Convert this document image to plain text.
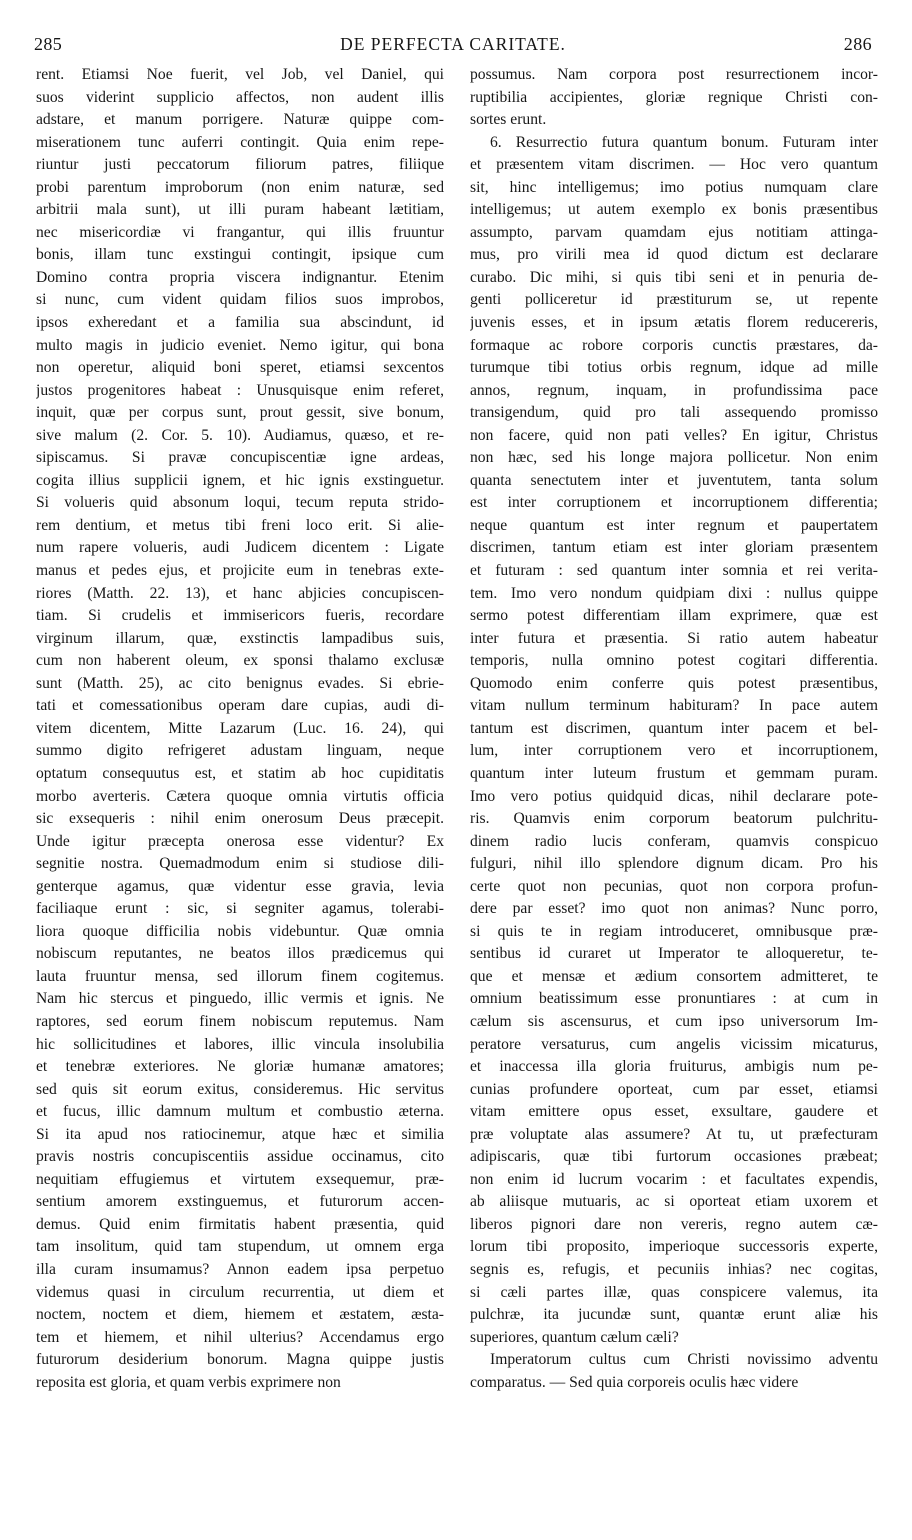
285	DE PERFECTA CARITATE.	286
rent. Etiamsi Noe fuerit, vel Job, vel Daniel, qui
suos viderint supplicio affectos, non audent illis
adstare, et manum porrigere. Naturæ quippe com-
miserationem tunc auferri contingit. Quia enim repe-
riuntur justi peccatorum filiorum patres, filiique
probi parentum improborum (non enim naturæ, sed
arbitrii mala sunt), ut illi puram habeant lætitiam,
nec misericordiæ vi frangantur, qui illis fruuntur
bonis, illam tunc exstingui contingit, ipsique cum
Domino contra propria viscera indignantur. Etenim
si nunc, cum vident quidam filios suos improbos,
ipsos exheredant et a familia sua abscindunt, id
multo magis in judicio eveniet. Nemo igitur, qui bona
non operetur, aliquid boni speret, etiamsi sexcentos
justos progenitores habeat : Unusquisque enim referet,
inquit, quæ per corpus sunt, prout gessit, sive bonum,
sive malum (2. Cor. 5. 10). Audiamus, quæso, et re-
sipiscamus. Si pravæ concupiscentiæ igne ardeas,
cogita illius supplicii ignem, et hic ignis exstinguetur.
Si volueris quid absonum loqui, tecum reputa strido-
rem dentium, et metus tibi freni loco erit. Si alie-
num rapere volueris, audi Judicem dicentem : Ligate
manus et pedes ejus, et projicite eum in tenebras exte-
riores (Matth. 22. 13), et hanc abjicies concupiscen-
tiam. Si crudelis et immisericors fueris, recordare
virginum illarum, quæ, exstinctis lampadibus suis,
cum non haberent oleum, ex sponsi thalamo exclusæ
sunt (Matth. 25), ac cito benignus evades. Si ebrie-
tati et comessationibus operam dare cupias, audi di-
vitem dicentem, Mitte Lazarum (Luc. 16. 24), qui
summo digito refrigeret adustam linguam, neque
optatum consequutus est, et statim ab hoc cupiditatis
morbo averteris. Cætera quoque omnia virtutis officia
sic exsequeris : nihil enim onerosum Deus præcepit.
Unde igitur præcepta onerosa esse videntur? Ex
segnitie nostra. Quemadmodum enim si studiose dili-
genterque agamus, quæ videntur esse gravia, levia
faciliaque erunt : sic, si segniter agamus, tolerabi-
liora quoque difficilia nobis videbuntur. Quæ omnia
nobiscum reputantes, ne beatos illos prædicemus qui
lauta fruuntur mensa, sed illorum finem cogitemus.
Nam hic stercus et pinguedo, illic vermis et ignis. Ne
raptores, sed eorum finem nobiscum reputemus. Nam
hic sollicitudines et labores, illic vincula insolubilia
et tenebræ exteriores. Ne gloriæ humanæ amatores;
sed quis sit eorum exitus, consideremus. Hic servitus
et fucus, illic damnum multum et combustio æterna.
Si ita apud nos ratiocinemur, atque hæc et similia
pravis nostris concupiscentiis assidue occinamus, cito
nequitiam effugiemus et virtutem exsequemur, præ-
sentium amorem exstinguemus, et futurorum accen-
demus. Quid enim firmitatis habent præsentia, quid
tam insolitum, quid tam stupendum, ut omnem erga
illa curam insumamus? Annon eadem ipsa perpetuo
videmus quasi in circulum recurrentia, ut diem et
noctem, noctem et diem, hiemem et æstatem, æsta-
tem et hiemem, et nihil ulterius? Accendamus ergo
futurorum desiderium bonorum. Magna quippe justis
reposita est gloria, et quam verbis exprimere non
possumus. Nam corpora post resurrectionem incor-
ruptibilia accipientes, gloriæ regnique Christi con-
sortes erunt.
6. Resurrectio futura quantum bonum. Futuram inter
et præsentem vitam discrimen. — Hoc vero quantum
sit, hinc intelligemus; imo potius numquam clare
intelligemus; ut autem exemplo ex bonis præsentibus
assumpto, parvam quamdam ejus notitiam attinga-
mus, pro virili mea id quod dictum est declarare
curabo. Dic mihi, si quis tibi seni et in penuria de-
genti polliceretur id præstiturum se, ut repente
juvenis esses, et in ipsum ætatis florem reducereris,
formaque ac robore corporis cunctis præstares, da-
turumque tibi totius orbis regnum, idque ad mille
annos, regnum, inquam, in profundissima pace
transigendum, quid pro tali assequendo promisso
non facere, quid non pati velles? En igitur, Christus
non hæc, sed his longe majora pollicetur. Non enim
quanta senectutem inter et juventutem, tanta solum
est inter corruptionem et incorruptionem differentia;
neque quantum est inter regnum et paupertatem
discrimen, tantum etiam est inter gloriam præsentem
et futuram : sed quantum inter somnia et rei verita-
tem. Imo vero nondum quidpiam dixi : nullus quippe
sermo potest differentiam illam exprimere, quæ est
inter futura et præsentia. Si ratio autem habeatur
temporis, nulla omnino potest cogitari differentia.
Quomodo enim conferre quis potest præsentibus,
vitam nullum terminum habituram? In pace autem
tantum est discrimen, quantum inter pacem et bel-
lum, inter corruptionem vero et incorruptionem,
quantum inter luteum frustum et gemmam puram.
Imo vero potius quidquid dicas, nihil declarare pote-
ris. Quamvis enim corporum beatorum pulchritu-
dinem radio lucis conferam, quamvis conspicuo
fulguri, nihil illo splendore dignum dicam. Pro his
certe quot non pecunias, quot non corpora profun-
dere par esset? imo quot non animas? Nunc porro,
si quis te in regiam introduceret, omnibusque præ-
sentibus id curaret ut Imperator te alloqueretur, te-
que et mensæ et ædium consortem admitteret, te
omnium beatissimum esse pronuntiares : at cum in
cælum sis ascensurus, et cum ipso universorum Im-
peratore versaturus, cum angelis vicissim micaturus,
et inaccessa illa gloria fruiturus, ambigis num pe-
cunias profundere oporteat, cum par esset, etiamsi
vitam emittere opus esset, exsultare, gaudere et
præ voluptate alas assumere? At tu, ut præfecturam
adipiscaris, quæ tibi furtorum occasiones præbeat;
non enim id lucrum vocarim : et facultates expendis,
ab aliisque mutuaris, ac si oporteat etiam uxorem et
liberos pignori dare non vereris, regno autem cæ-
lorum tibi proposito, imperioque successoris experte,
segnis es, refugis, et pecuniis inhias? nec cogitas,
si cæli partes illæ, quas conspicere valemus, ita
pulchræ, ita jucundæ sunt, quantæ erunt aliæ his
superiores, quantum cælum cæli?
Imperatorum cultus cum Christi novissimo adventu
comparatus. — Sed quia corporeis oculis hæc videre
